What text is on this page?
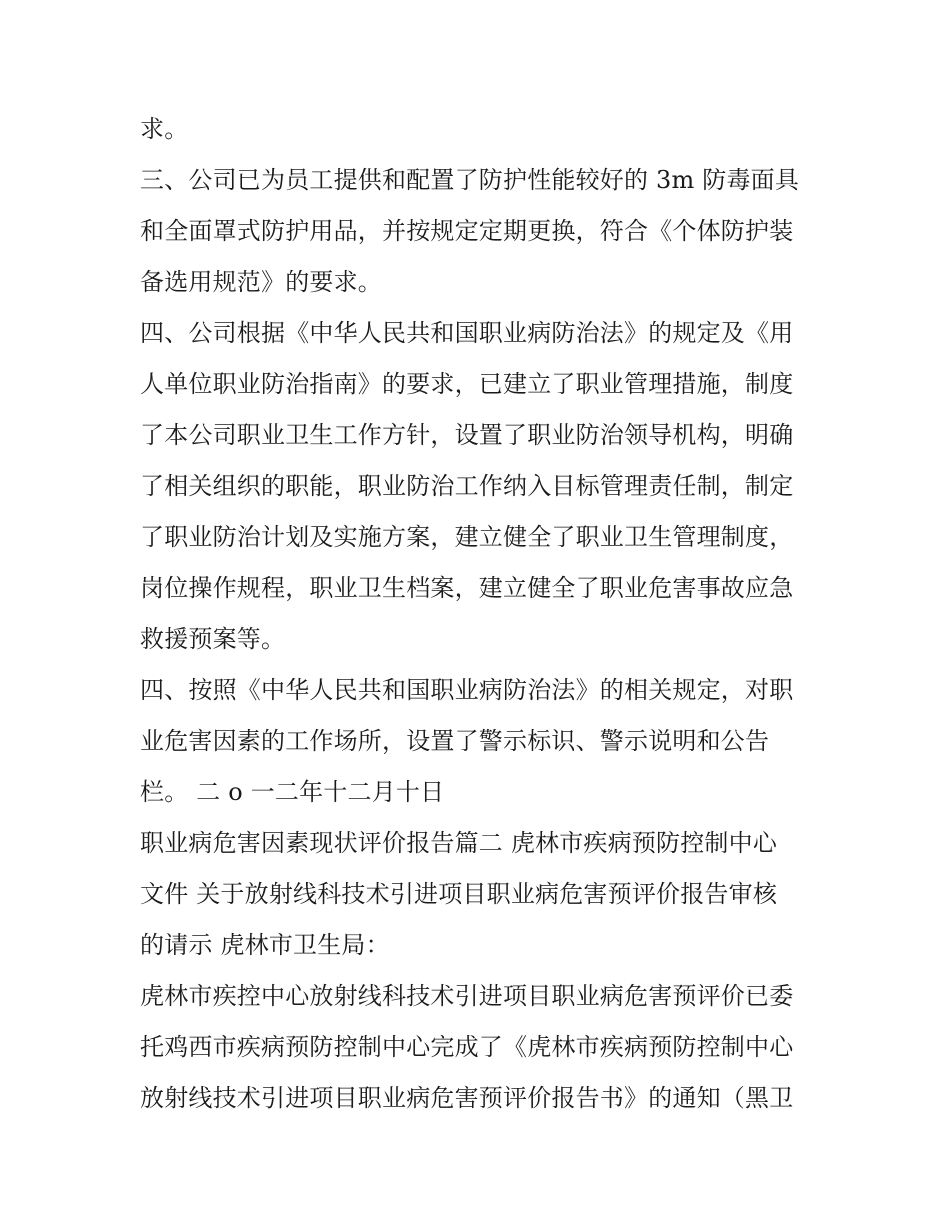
求。
三、公司已为员工提供和配置了防护性能较好的 3m 防毒面具
和全面罩式防护用品，并按规定定期更换，符合《个体防护装
备选用规范》的要求。
四、公司根据《中华人民共和国职业病防治法》的规定及《用
人单位职业防治指南》的要求，已建立了职业管理措施，制度
了本公司职业卫生工作方针，设置了职业防治领导机构，明确
了相关组织的职能，职业防治工作纳入目标管理责任制，制定
了职业防治计划及实施方案，建立健全了职业卫生管理制度，
岗位操作规程，职业卫生档案，建立健全了职业危害事故应急
救援预案等。
四、按照《中华人民共和国职业病防治法》的相关规定，对职
业危害因素的工作场所，设置了警示标识、警示说明和公告
栏。 二 o 一二年十二月十日
职业病危害因素现状评价报告篇二 虎林市疾病预防控制中心
文件 关于放射线科技术引进项目职业病危害预评价报告审核
的请示 虎林市卫生局：
虎林市疾控中心放射线科技术引进项目职业病危害预评价已委
托鸡西市疾病预防控制中心完成了《虎林市疾病预防控制中心
放射线技术引进项目职业病危害预评价报告书》的通知（黑卫
